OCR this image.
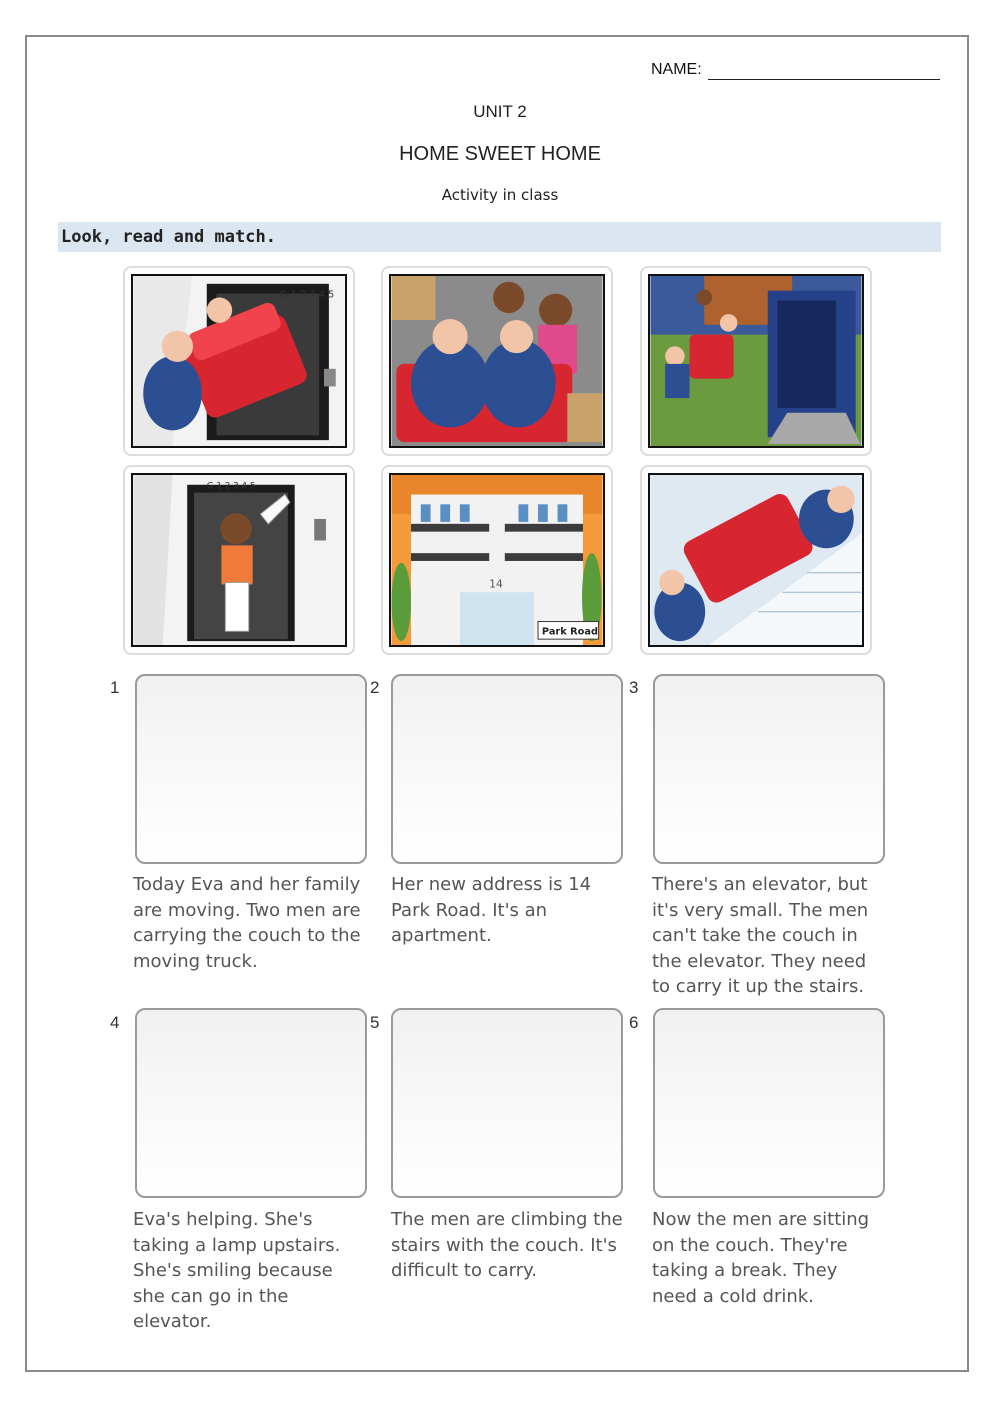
NAME:
UNIT 2
HOME SWEET HOME
Activity in class
Look, read and match.
G 1 2 3 4 5
G 1 2 3 4 5
14
Park Road
1
Today Eva and her family are moving. Two men are carrying the couch to the moving truck.
2
Her new address is 14 Park Road. It's an apartment.
3
There's an elevator, but it's very small. The men can't take the couch in the elevator. They need to carry it up the stairs.
4
Eva's helping. She's taking a lamp upstairs. She's smiling because she can go in the elevator.
5
The men are climbing the stairs with the couch. It's difficult to carry.
6
Now the men are sitting on the couch. They're taking a break. They need a cold drink.
